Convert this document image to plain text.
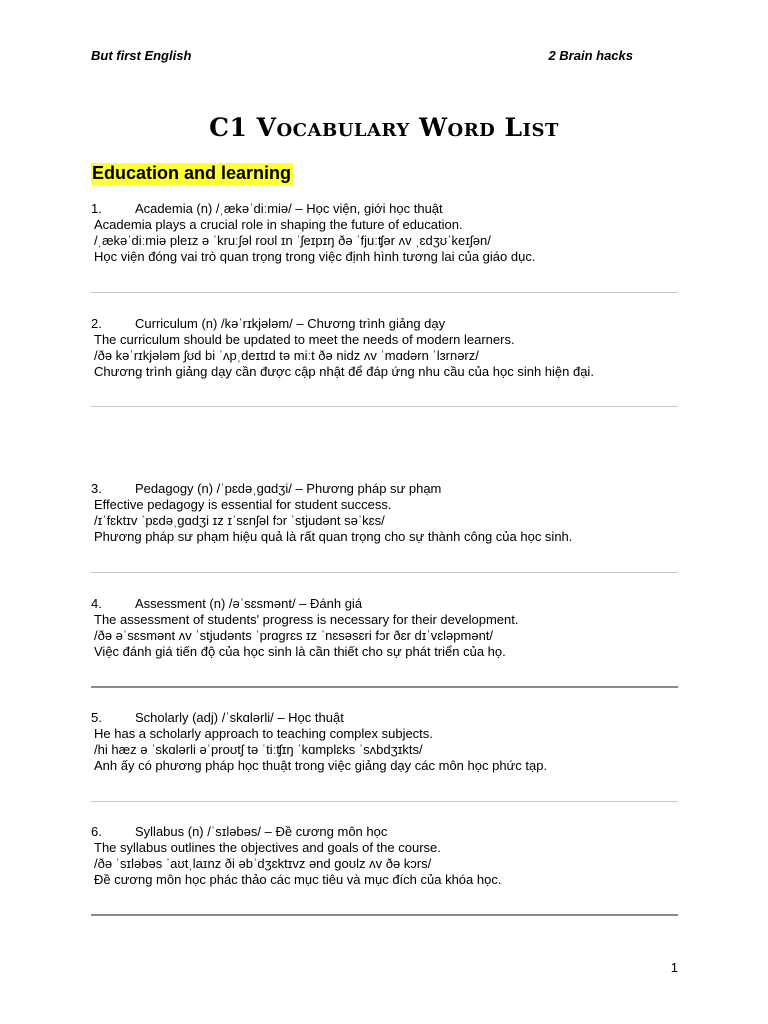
But first English	2 Brain hacks
C1 Vocabulary Word List
Education and learning
1.	Academia (n) /ˌækəˈdiːmiə/ – Học viện, giới học thuật
Academia plays a crucial role in shaping the future of education.
/ˌækəˈdiːmiə pleɪz ə ˈkruːʃəl roʊl ɪn ˈʃeɪpɪŋ ðə ˈfjuːʧər ʌv ˌɛdʒʊˈkeɪʃən/
Học viện đóng vai trò quan trọng trong việc định hình tương lai của giáo dục.
2.	Curriculum (n) /kəˈrɪkjələm/ – Chương trình giảng dạy
The curriculum should be updated to meet the needs of modern learners.
/ðə kəˈrɪkjələm ʃʊd bi ˈʌpˌdeɪtɪd tə miːt ðə nidz ʌv ˈmɑdərn ˈlɜrnərz/
Chương trình giảng dạy cần được cập nhật để đáp ứng nhu cầu của học sinh hiện đại.
3.	Pedagogy (n) /ˈpɛdəˌɡɑdʒi/ – Phương pháp sư phạm
Effective pedagogy is essential for student success.
/ɪˈfɛktɪv ˈpɛdəˌɡɑdʒi ɪz ɪˈsɛnʃəl fɔr ˈstjudənt səˈkɛs/
Phương pháp sư phạm hiệu quả là rất quan trọng cho sự thành công của học sinh.
4.	Assessment (n) /əˈsɛsmənt/ – Đánh giá
The assessment of students' progress is necessary for their development.
/ðə əˈsɛsmənt ʌv ˈstjudənts ˈprɑɡrɛs ɪz ˈnɛsəsɛri fɔr ðɛr dɪˈvɛləpmənt/
Việc đánh giá tiến độ của học sinh là cần thiết cho sự phát triển của họ.
5.	Scholarly (adj) /ˈskɑlərli/ – Học thuật
He has a scholarly approach to teaching complex subjects.
/hi hæz ə ˈskɑlərli əˈproʊtʃ tə ˈtiːʧɪŋ ˈkɑmplɛks ˈsʌbdʒɪkts/
Anh ấy có phương pháp học thuật trong việc giảng dạy các môn học phức tạp.
6.	Syllabus (n) /ˈsɪləbəs/ – Đề cương môn học
The syllabus outlines the objectives and goals of the course.
/ðə ˈsɪləbəs ˈaʊtˌlaɪnz ði əbˈdʒɛktɪvz ənd ɡoʊlz ʌv ðə kɔrs/
Đề cương môn học phác thảo các mục tiêu và mục đích của khóa học.
1
